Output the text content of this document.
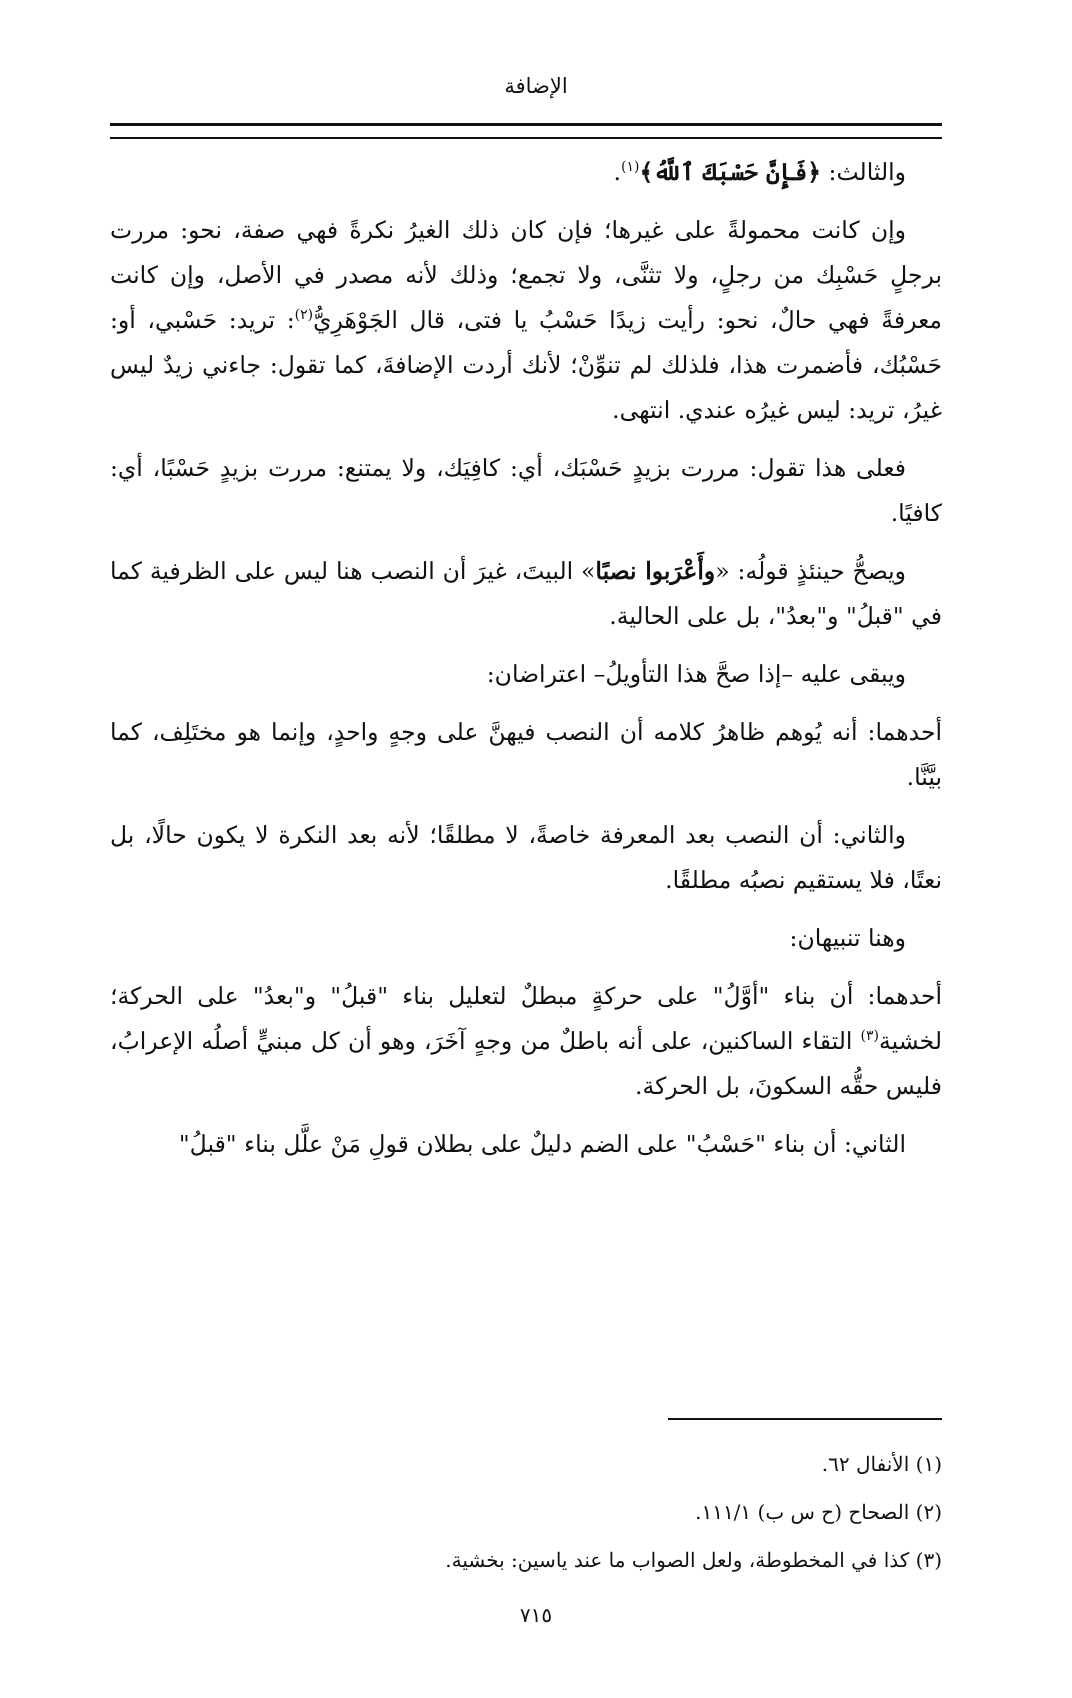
الإضافة

والثالث: ﴿فَإِنَّ حَسْبَكَ ٱللَّهُ﴾$^{(١)}$.

وإن كانت محمولةً على غيرها؛ فإن كان ذلك الغيرُ نكرةً فهي صفة، نحو: مررت برجلٍ حَسْبِك من رجلٍ، ولا تثنَّى، ولا تجمع؛ وذلك لأنه مصدر في الأصل، وإن كانت معرفةً فهي حالٌ، نحو: رأيت زيدًا حَسْبُ يا فتى، قال الجَوْهَرِيُّ$^{(٢)}$: تريد: حَسْبي، أو: حَسْبُك، فأضمرت هذا، فلذلك لم تنوِّنْ؛ لأنك أردت الإضافةَ، كما تقول: جاءني زيدٌ ليس غيرُ، تريد: ليس غيرُه عندي. انتهى.

فعلى هذا تقول: مررت بزيدٍ حَسْبَك، أي: كافِيَك، ولا يمتنع: مررت بزيدٍ حَسْبًا، أي: كافيًا.

ويصحُّ حينئذٍ قولُه: «وأَعْرَبوا نصبًا» البيتَ، غيرَ أن النصب هنا ليس على الظرفية كما في "قبلُ" و"بعدُ"، بل على الحالية.

ويبقى عليه –إذا صحَّ هذا التأويلُ– اعتراضان:

أحدهما: أنه يُوهم ظاهرُ كلامه أن النصب فيهنَّ على وجهٍ واحدٍ، وإنما هو مختَلِف، كما بيَّنَّا.

والثاني: أن النصب بعد المعرفة خاصةً، لا مطلقًا؛ لأنه بعد النكرة لا يكون حالًا، بل نعتًا، فلا يستقيم نصبُه مطلقًا.

وهنا تنبيهان:

أحدهما: أن بناء "أوَّلُ" على حركةٍ مبطلٌ لتعليل بناء "قبلُ" و"بعدُ" على الحركة؛ لخشية$^{(٣)}$ التقاء الساكنين، على أنه باطلٌ من وجهٍ آخَرَ، وهو أن كل مبنيٍّ أصلُه الإعرابُ، فليس حقُّه السكونَ، بل الحركة.

الثاني: أن بناء "حَسْبُ" على الضم دليلٌ على بطلان قولِ مَنْ علَّل بناء "قبلُ"

(١) الأنفال ٦٢.
(٢) الصحاح (ح س ب) ١١١/١.
(٣) كذا في المخطوطة، ولعل الصواب ما عند ياسين: بخشية.
٧١٥
